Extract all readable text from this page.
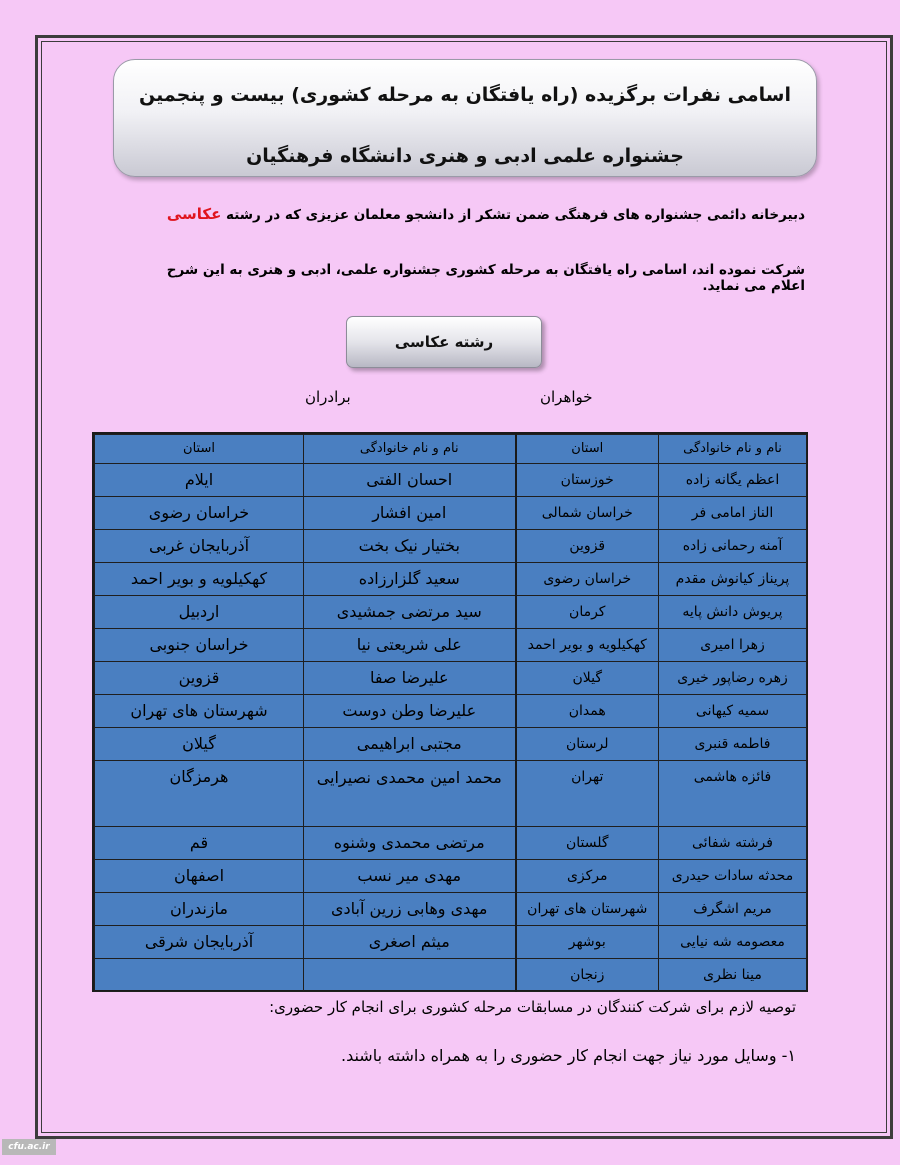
اسامی نفرات برگزیده (راه یافتگان به مرحله کشوری) بیست و پنجمین
جشنواره علمی ادبی و هنری دانشگاه فرهنگیان
دبیرخانه دائمی جشنواره های فرهنگی ضمن تشکر از دانشجو معلمان عزیزی که در رشته عکاسی
شرکت نموده اند، اسامی راه یافتگان به مرحله کشوری جشنواره علمی، ادبی و هنری به این شرح اعلام می نماید.
رشته عکاسی
خواهران
برادران
نام و نام خانوادگی	استان	نام و نام خانوادگی	استان
اعظم یگانه زاده	خوزستان	احسان الفتی	ایلام
الناز امامی فر	خراسان شمالی	امین افشار	خراسان رضوی
آمنه رحمانی زاده	قزوین	بختیار نیک بخت	آذربایجان غربی
پریناز کیانوش مقدم	خراسان رضوی	سعید گلزارزاده	کهکیلویه و بویر احمد
پریوش دانش پایه	کرمان	سید مرتضی جمشیدی	اردبیل
زهرا امیری	کهکیلویه و بویر احمد	علی شریعتی نیا	خراسان جنوبی
زهره رضاپور خیری	گیلان	علیرضا صفا	قزوین
سمیه کیهانی	همدان	علیرضا وطن دوست	شهرستان های تهران
فاطمه قنبری	لرستان	مجتبی ابراهیمی	گیلان
فائزه هاشمی	تهران	محمد امین محمدی نصیرایی	هرمزگان
فرشته شفائی	گلستان	مرتضی محمدی وشنوه	قم
محدثه سادات حیدری	مرکزی	مهدی میر نسب	اصفهان
مریم اشگرف	شهرستان های تهران	مهدی وهابی زرین آبادی	مازندران
معصومه شه نیایی	بوشهر	میثم اصغری	آذربایجان شرقی
مینا نظری	زنجان		
توصیه لازم برای شرکت کنندگان در مسابقات مرحله کشوری برای انجام کار حضوری:
۱- وسایل مورد نیاز جهت انجام کار حضوری را به همراه داشته باشند.
cfu.ac.ir
